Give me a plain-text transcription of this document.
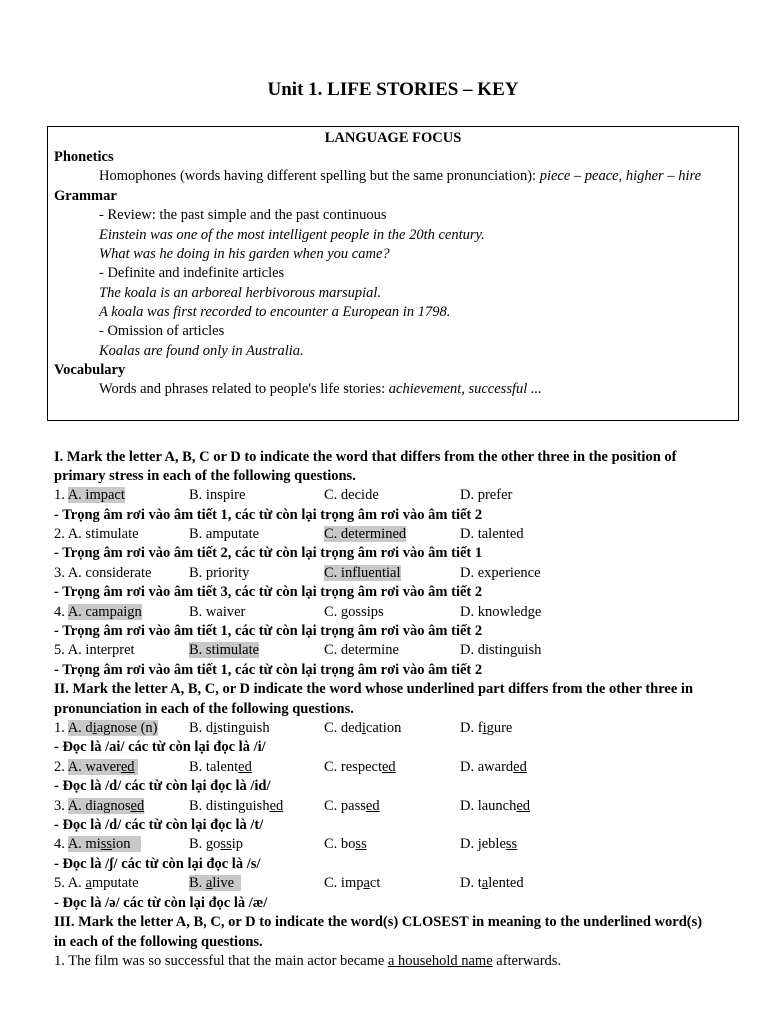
Unit 1. LIFE STORIES – KEY
LANGUAGE FOCUS
Phonetics
Homophones (words having different spelling but the same pronunciation): piece – peace, higher – hire
Grammar
- Review: the past simple and the past continuous
Einstein was one of the most intelligent people in the 20th century.
What was he doing in his garden when you came?
- Definite and indefinite articles
The koala is an arboreal herbivorous marsupial.
A koala was first recorded to encounter a European in 1798.
- Omission of articles
Koalas are found only in Australia.
Vocabulary
Words and phrases related to people's life stories: achievement, successful ...
I. Mark the letter A, B, C or D to indicate the word that differs from the other three in the position of
primary stress in each of the following questions.
1. A. impact	B. inspire	C. decide	D. prefer
- Trọng âm rơi vào âm tiết 1, các từ còn lại trọng âm rơi vào âm tiết 2
2. A. stimulate	B. amputate	C. determined	D. talented
- Trọng âm rơi vào âm tiết 2, các từ còn lại trọng âm rơi vào âm tiết 1
3. A. considerate	B. priority	C. influential	D. experience
- Trọng âm rơi vào âm tiết 3, các từ còn lại trọng âm rơi vào âm tiết 2
4. A. campaign	B. waiver	C. gossips	D. knowledge
- Trọng âm rơi vào âm tiết 1, các từ còn lại trọng âm rơi vào âm tiết 2
5. A. interpret	B. stimulate	C. determine	D. distinguish
- Trọng âm rơi vào âm tiết 1, các từ còn lại trọng âm rơi vào âm tiết 2
II. Mark the letter A, B, C, or D indicate the word whose underlined part differs from the other three in
pronunciation in each of the following questions.
1. A. diagnose (n) B. distinguish	C. dedication	D. figure
- Đọc là /ai/ các từ còn lại đọc là /i/
2. A. wavered	B. talented	C. respected	D. awarded
- Đọc là /d/ các từ còn lại đọc là /id/
3. A. diagnosed	B. distinguished	C. passed	D. launched
- Đọc là /d/ các từ còn lại đọc là /t/
4. A. mission	B. gossip	C. boss	D. jebless
- Đọc là /ʃ/ các từ còn lại đọc là /s/
5. A. amputate	B. alive	C. impact	D. talented
- Đọc là /ə/ các từ còn lại đọc là /æ/
III. Mark the letter A, B, C, or D to indicate the word(s) CLOSEST in meaning to the underlined word(s)
in each of the following questions.
1. The film was so successful that the main actor became a household name afterwards.
